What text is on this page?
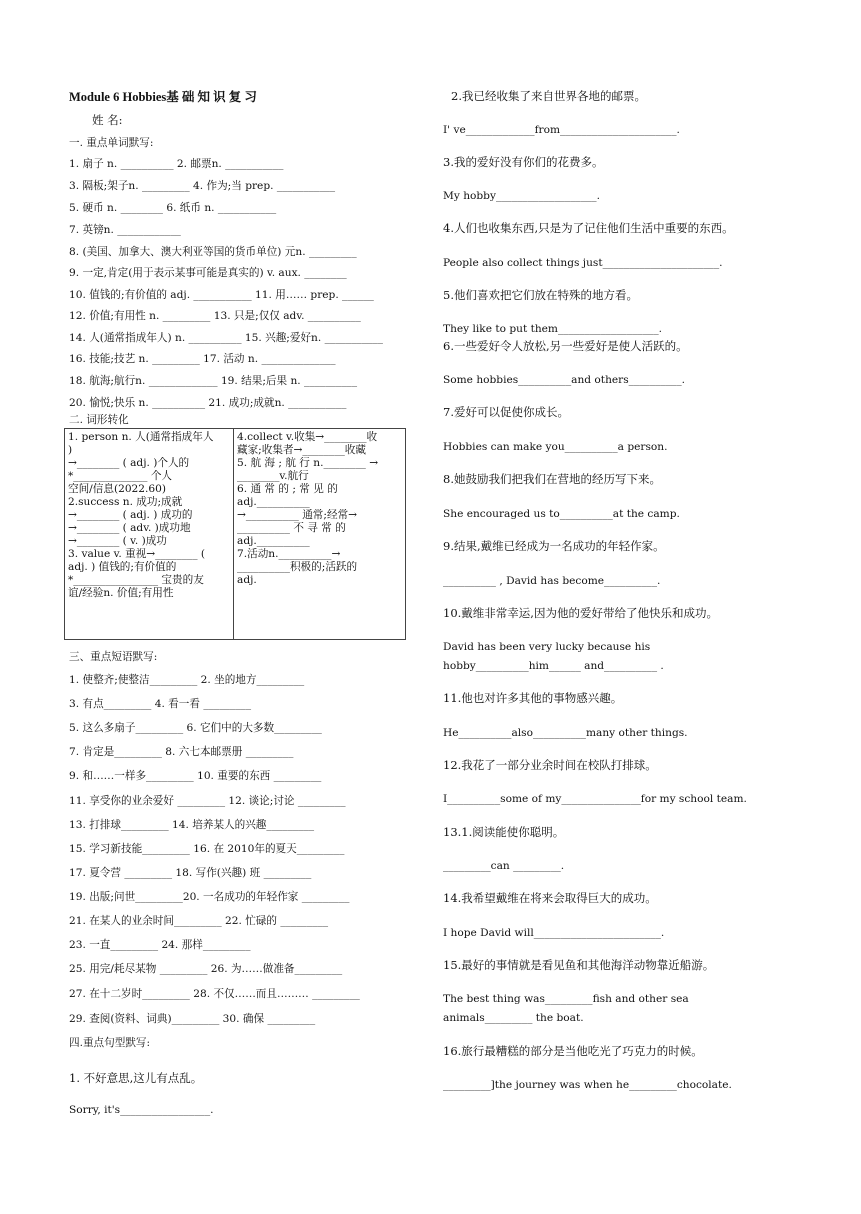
Module 6 Hobbies基 础 知 识 复 习
姓 名:
一. 重点单词默写:
1. 扇子 n. __________ 2. 邮票n. ___________
3. 隔板;架子n. _________ 4. 作为;当 prep. ___________
5. 硬币 n. ________ 6. 纸币 n. ___________
7. 英镑n. ____________
8. (美国、加拿大、澳大利亚等国的货币单位) 元n. _________
9. 一定,肯定(用于表示某事可能是真实的) v. aux. ________
10. 值钱的;有价值的 adj. ___________ 11. 用…… prep. ______
12. 价值;有用性 n. _________ 13. 只是;仅仅 adv. __________
14. 人(通常指成年人) n. __________ 15. 兴趣;爱好n. ___________
16. 技能;技艺 n. _________ 17. 活动 n. ______________
18. 航海;航行n. _____________ 19. 结果;后果 n. __________
20. 愉悦;快乐 n. __________ 21. 成功;成就n. ___________
二. 词形转化
1. person n. 人(通常指成年人
)
→________ ( adj. )个人的
*______________ 个人
空间/信息(2022.60)
2.success n. 成功;成就
→________ ( adj. ) 成功的
→________ ( adv. )成功地
→________ ( v. )成功
3. value v. 重视→________ (
adj. ) 值钱的;有价值的
*________________ 宝贵的友
谊/经验n. 价值;有用性

4.collect v.收集→________收
藏家;收集者→________收藏
5. 航 海 ; 航 行 n.________ →
________v.航行
6. 通 常 的 ; 常 见 的
adj.__________
→__________ 通常;经常→
__________ 不 寻 常 的
adj.__________
7.活动n.__________→
__________积极的;活跃的
adj.
三、重点短语默写:
1. 使整齐;使整洁_________ 2. 坐的地方_________
3. 有点_________ 4. 看一看 _________
5. 这么多扇子_________ 6. 它们中的大多数_________
7. 肯定是_________ 8. 六七本邮票册 _________
9. 和……一样多_________ 10. 重要的东西 _________
11. 享受你的业余爱好 _________ 12. 谈论;讨论 _________
13. 打排球_________ 14. 培养某人的兴趣_________
15. 学习新技能_________ 16. 在 2010年的夏天_________
17. 夏令营 _________ 18. 写作(兴趣) 班 _________
19. 出版;问世_________20. 一名成功的年轻作家 _________
21. 在某人的业余时间_________ 22. 忙碌的 _________
23. 一直_________ 24. 那样_________
25. 用完/耗尽某物 _________ 26. 为……做准备_________
27. 在十二岁时_________ 28. 不仅……而且……… _________
29. 查阅(资料、词典)_________ 30. 确保 _________
四.重点句型默写:
1. 不好意思,这儿有点乱。
Sorry, it's_________________.
2.我已经收集了来自世界各地的邮票。
I' ve_____________from______________________.
3.我的爱好没有你们的花费多。
My hobby___________________.
4.人们也收集东西,只是为了记住他们生活中重要的东西。
People also collect things just______________________.
5.他们喜欢把它们放在特殊的地方看。
They like to put them___________________.
6.一些爱好令人放松,另一些爱好是使人活跃的。
Some hobbies__________and others__________.
7.爱好可以促使你成长。
Hobbies can make you__________a person.
8.她鼓励我们把我们在营地的经历写下来。
She encouraged us to__________at the camp.
9.结果,戴维已经成为一名成功的年轻作家。
__________ , David has become__________.
10.戴维非常幸运,因为他的爱好带给了他快乐和成功。
David has been very lucky because his
hobby__________him______ and__________ .
11.他也对许多其他的事物感兴趣。
He__________also__________many other things.
12.我花了一部分业余时间在校队打排球。
I__________some of my_______________for my school team.
13.1.阅读能使你聪明。
_________can _________.
14.我希望戴维在将来会取得巨大的成功。
I hope David will________________________.
15.最好的事情就是看见鱼和其他海洋动物靠近船游。
The best thing was_________fish and other sea
animals_________ the boat.
16.旅行最糟糕的部分是当他吃光了巧克力的时候。
_________]the journey was when he_________chocolate.
